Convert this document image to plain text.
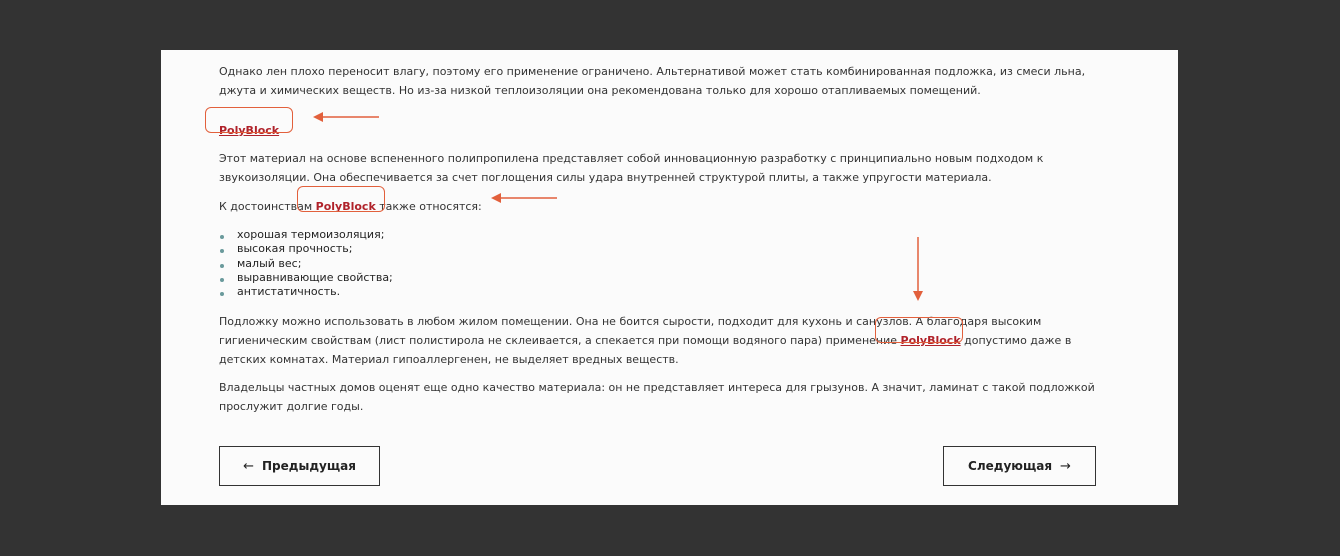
Однако лен плохо переносит влагу, поэтому его применение ограничено. Альтернативой может стать комбинированная подложка, из смеси льна, джута и химических веществ. Но из-за низкой теплоизоляции она рекомендована только для хорошо отапливаемых помещений.

PolyBlock

Этот материал на основе вспененного полипропилена представляет собой инновационную разработку с принципиально новым подходом к звукоизоляции. Она обеспечивается за счет поглощения силы удара внутренней структурой плиты, а также упругости материала.

К достоинствам PolyBlock также относятся:

хорошая термоизоляция;
высокая прочность;
малый вес;
выравнивающие свойства;
антистатичность.

Подложку можно использовать в любом жилом помещении. Она не боится сырости, подходит для кухонь и санузлов. А благодаря высоким гигиеническим свойствам (лист полистирола не склеивается, а спекается при помощи водяного пара) применение PolyBlock допустимо даже в детских комнатах. Материал гипоаллергенен, не выделяет вредных веществ.

Владельцы частных домов оценят еще одно качество материала: он не представляет интереса для грызунов. А значит, ламинат с такой подложкой прослужит долгие годы.

← Предыдущая	Следующая →
